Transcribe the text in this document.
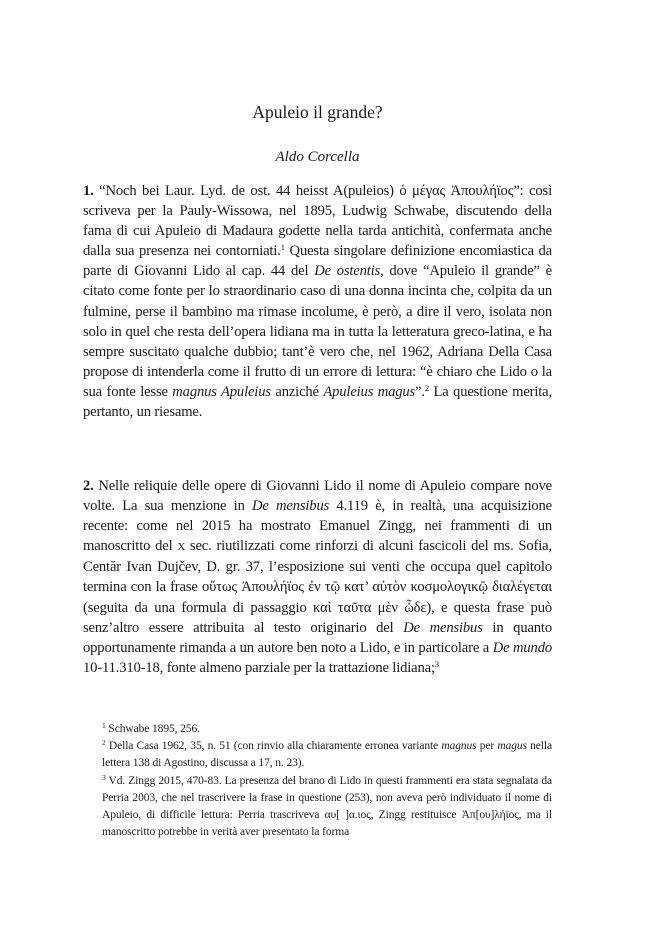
Apuleio il grande?
Aldo Corcella

1. “Noch bei Laur. Lyd. de ost. 44 heisst A(puleios) ὁ μέγας Ἀπουλήϊος”: così scriveva per la Pauly-Wissowa, nel 1895, Ludwig Schwabe, discutendo della fama di cui Apuleio di Madaura godette nella tarda antichità, confermata anche dalla sua presenza nei contorniati.$^1$ Questa singolare definizione encomiastica da parte di Giovanni Lido al cap. 44 del De ostentis, dove “Apuleio il grande” è citato come fonte per lo straordinario caso di una donna incinta che, colpita da un fulmine, perse il bambino ma rimase incolume, è però, a dire il vero, isolata non solo in quel che resta dell’opera lidiana ma in tutta la letteratura greco-latina, e ha sempre suscitato qualche dubbio; tant’è vero che, nel 1962, Adriana Della Casa propose di intenderla come il frutto di un errore di lettura: “è chiaro che Lido o la sua fonte lesse magnus Apuleius anziché Apuleius magus”.$^2$ La questione merita, pertanto, un riesame.

2. Nelle reliquie delle opere di Giovanni Lido il nome di Apuleio compare nove volte. La sua menzione in De mensibus 4.119 è, in realtà, una acquisizione recente: come nel 2015 ha mostrato Emanuel Zingg, nei frammenti di un manoscritto del X sec. riutilizzati come rinforzi di alcuni fascicoli del ms. Sofia, Centăr Ivan Dujčev, D. gr. 37, l’esposizione sui venti che occupa quel capitolo termina con la frase οὕτως Ἀπουλήϊος ἐν τῷ κατ’ αὐτὸν κοσμολογικῷ διαλέγεται (seguita da una formula di passaggio καὶ ταῦτα μὲν ὧδε), e questa frase può senz’altro essere attribuita al testo originario del De mensibus in quanto opportunamente rimanda a un autore ben noto a Lido, e in particolare a De mundo 10-11.310-18, fonte almeno parziale per la trattazione lidiana;$^3$

$^1$ Schwabe 1895, 256.

$^2$ Della Casa 1962, 35, n. 51 (con rinvio alla chiaramente erronea variante magnus per magus nella lettera 138 di Agostino, discussa a 17, n. 23).

$^3$ Vd. Zingg 2015, 470-83. La presenza del brano di Lido in questi frammenti era stata segnalata da Perria 2003, che nel trascrivere la frase in questione (253), non aveva però individuato il nome di Apuleio, di difficile lettura: Perria trascriveva αυ[ ]α.ιος, Zingg restituisce Ἀπ[ου]λήϊος, ma il manoscritto potrebbe in verità aver presentato la forma
